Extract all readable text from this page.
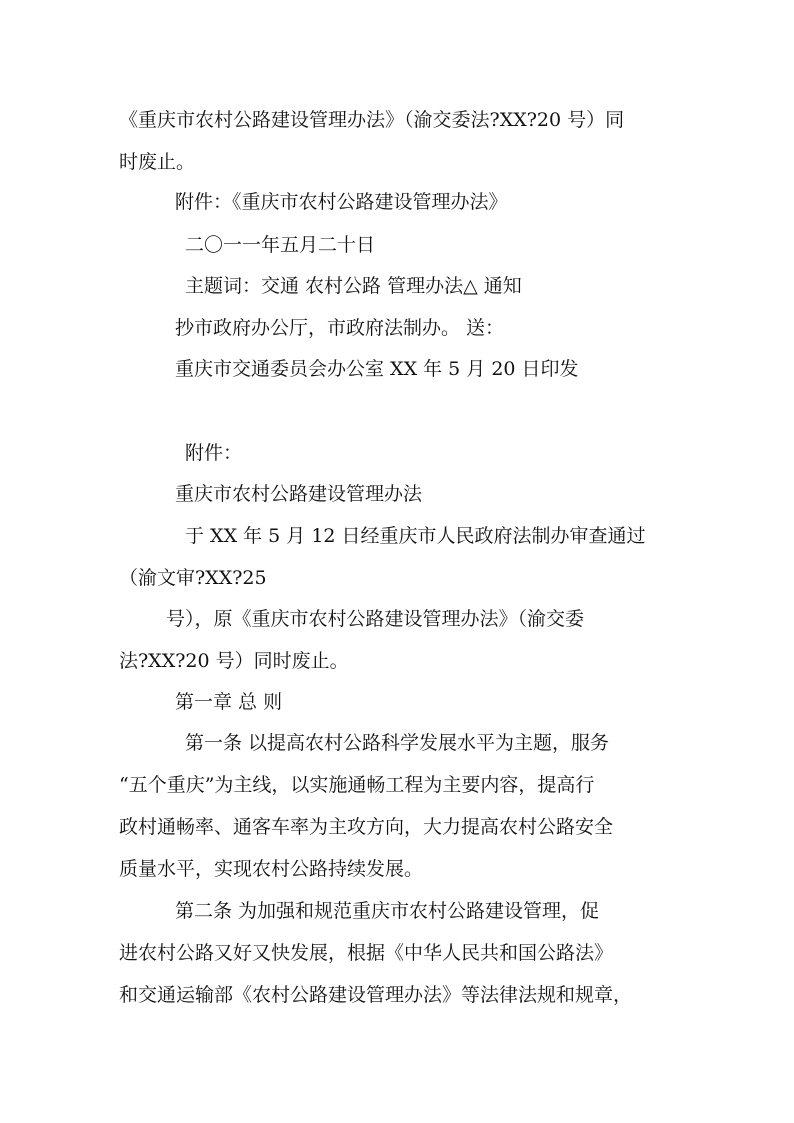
《重庆市农村公路建设管理办法》（渝交委法?XX?20 号）同
时废止。
附件：《重庆市农村公路建设管理办法》
二〇一一年五月二十日
主题词：交通 农村公路 管理办法△ 通知
抄市政府办公厅，市政府法制办。 送：
重庆市交通委员会办公室 XX 年 5 月 20 日印发
附件：
重庆市农村公路建设管理办法
于 XX 年 5 月 12 日经重庆市人民政府法制办审查通过
（渝文审?XX?25
号），原《重庆市农村公路建设管理办法》（渝交委
法?XX?20 号）同时废止。
第一章 总 则
第一条 以提高农村公路科学发展水平为主题，服务
“五个重庆”为主线，以实施通畅工程为主要内容，提高行
政村通畅率、通客车率为主攻方向，大力提高农村公路安全
质量水平，实现农村公路持续发展。
第二条 为加强和规范重庆市农村公路建设管理，促
进农村公路又好又快发展，根据《中华人民共和国公路法》
和交通运输部《农村公路建设管理办法》等法律法规和规章，
